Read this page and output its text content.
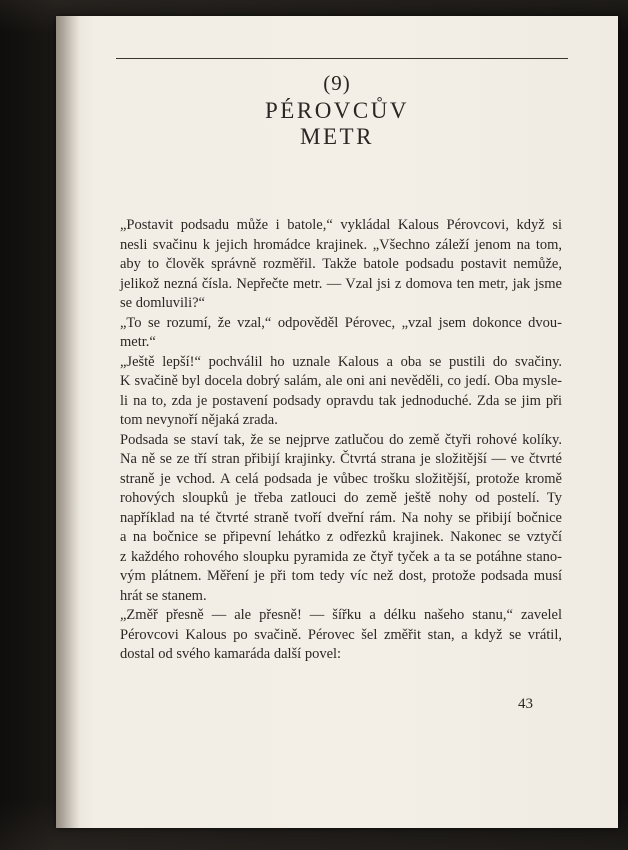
(9)
PÉROVCŮV
METR

„Postavit podsadu může i batole,“ vykládal Kalous Pérovcovi, když si
nesli svačinu k jejich hromádce krajinek. „Všechno záleží jenom na tom,
aby to člověk správně rozměřil. Takže batole podsadu postavit nemůže,
jelikož nezná čísla. Nepřečte metr. — Vzal jsi z domova ten metr, jak jsme
se domluvili?“

„To se rozumí, že vzal,“ odpověděl Pérovec, „vzal jsem dokonce dvou-
metr.“

„Ještě lepší!“ pochválil ho uznale Kalous a oba se pustili do svačiny.
K svačině byl docela dobrý salám, ale oni ani nevěděli, co jedí. Oba mysle-
li na to, zda je postavení podsady opravdu tak jednoduché. Zda se jim při
tom nevynoří nějaká zrada.

Podsada se staví tak, že se nejprve zatlučou do země čtyři rohové kolíky.
Na ně se ze tří stran přibijí krajinky. Čtvrtá strana je složitější — ve čtvrté
straně je vchod. A celá podsada je vůbec trošku složitější, protože kromě
rohových sloupků je třeba zatlouci do země ještě nohy od postelí. Ty
například na té čtvrté straně tvoří dveřní rám. Na nohy se přibijí bočnice
a na bočnice se připevní lehátko z odřezků krajinek. Nakonec se vztyčí
z každého rohového sloupku pyramida ze čtyř tyček a ta se potáhne stano-
vým plátnem. Měření je při tom tedy víc než dost, protože podsada musí
hrát se stanem.

„Změř přesně — ale přesně! — šířku a délku našeho stanu,“ zavelel
Pérovcovi Kalous po svačině. Pérovec šel změřit stan, a když se vrátil,
dostal od svého kamaráda další povel:

43
